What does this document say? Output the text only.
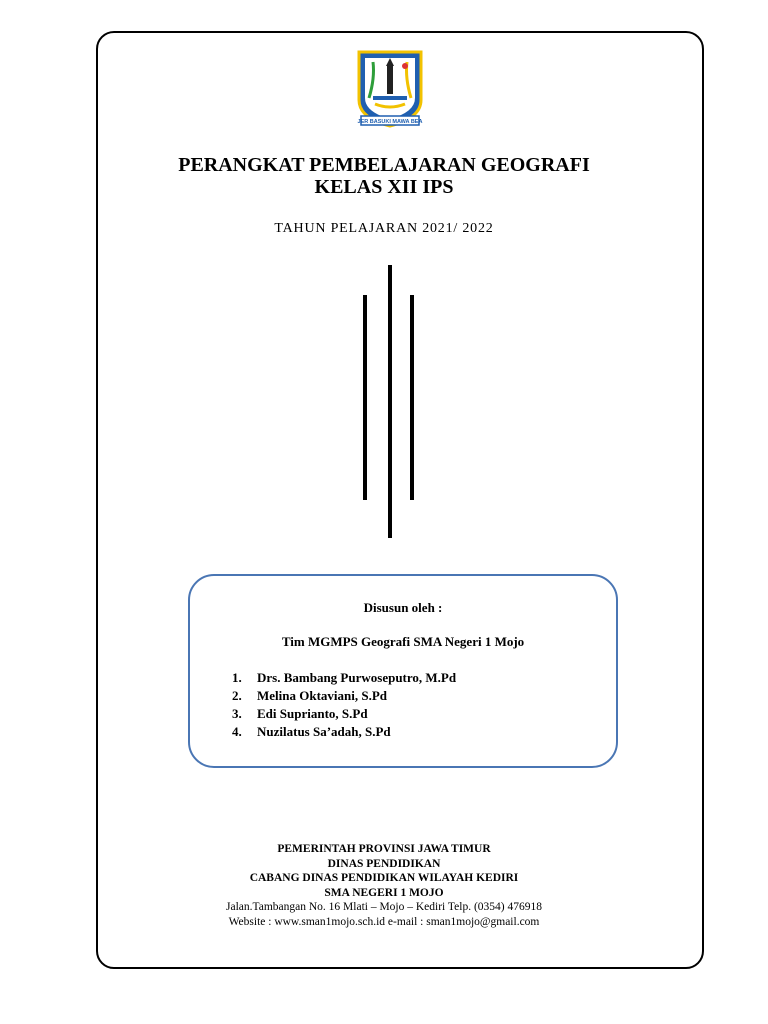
JER BASUKI MAWA BEA
PERANGKAT PEMBELAJARAN GEOGRAFI
KELAS XII IPS
TAHUN PELAJARAN 2021/ 2022
Disusun oleh :
Tim MGMPS Geografi SMA Negeri 1 Mojo
1. Drs. Bambang Purwoseputro, M.Pd
2. Melina Oktaviani, S.Pd
3. Edi Suprianto, S.Pd
4. Nuzilatus Sa’adah, S.Pd
PEMERINTAH PROVINSI JAWA TIMUR
DINAS PENDIDIKAN
CABANG DINAS PENDIDIKAN WILAYAH KEDIRI
SMA NEGERI 1 MOJO
Jalan.Tambangan No. 16 Mlati – Mojo – Kediri Telp. (0354) 476918
Website : www.sman1mojo.sch.id e-mail : sman1mojo@gmail.com
